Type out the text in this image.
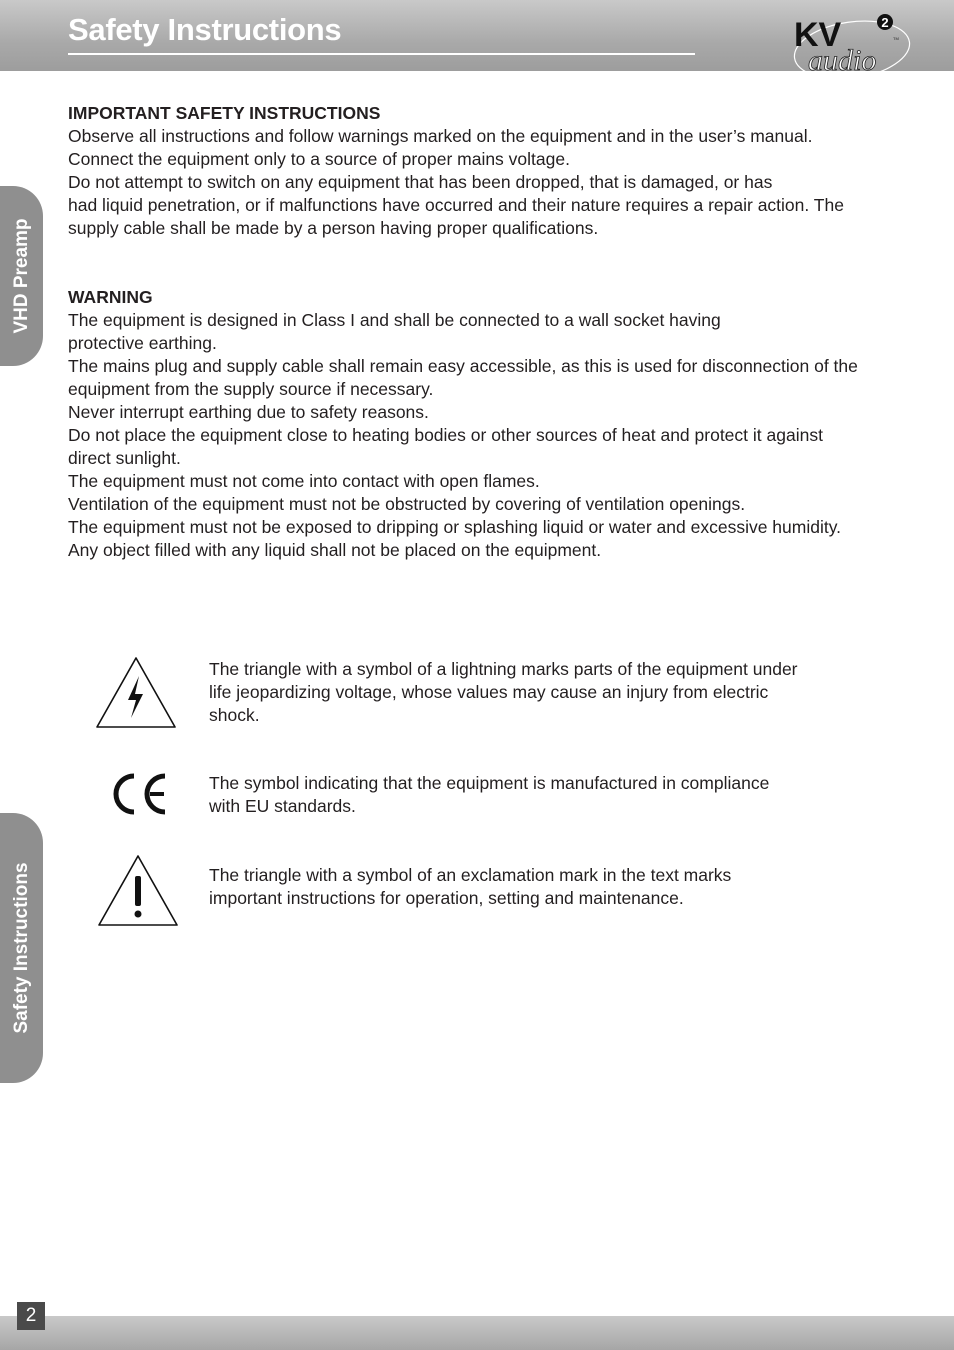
Safety Instructions	KV
audio
2
TM
VHD Preamp
Safety Instructions
IMPORTANT SAFETY INSTRUCTIONS

Observe all instructions and follow warnings marked on the equipment and in the user’s manual.

Connect the equipment only to a source of proper mains voltage.

Do not attempt to switch on any equipment that has been dropped, that is damaged, or has

had liquid penetration, or if malfunctions have occurred and their nature requires a repair action. The

supply cable shall be made by a person having proper qualifications.

WARNING

The equipment is designed in Class I and shall be connected to a wall socket having

protective earthing.

The mains plug and supply cable shall remain easy accessible, as this is used for disconnection of the

equipment from the supply source if necessary.

Never interrupt earthing due to safety reasons.

Do not place the equipment close to heating bodies or other sources of heat and protect it against

direct sunlight.

The equipment must not come into contact with open flames.

Ventilation of the equipment must not be obstructed by covering of ventilation openings.

The equipment must not be exposed to dripping or splashing liquid or water and excessive humidity.

Any object filled with any liquid shall not be placed on the equipment.

The triangle with a symbol of a lightning marks parts of the equipment under
life jeopardizing voltage, whose values may cause an injury from electric
shock.
The symbol indicating that the equipment is manufactured in compliance
with EU standards.
The triangle with a symbol of an exclamation mark in the text marks
important instructions for operation, setting and maintenance.
2
